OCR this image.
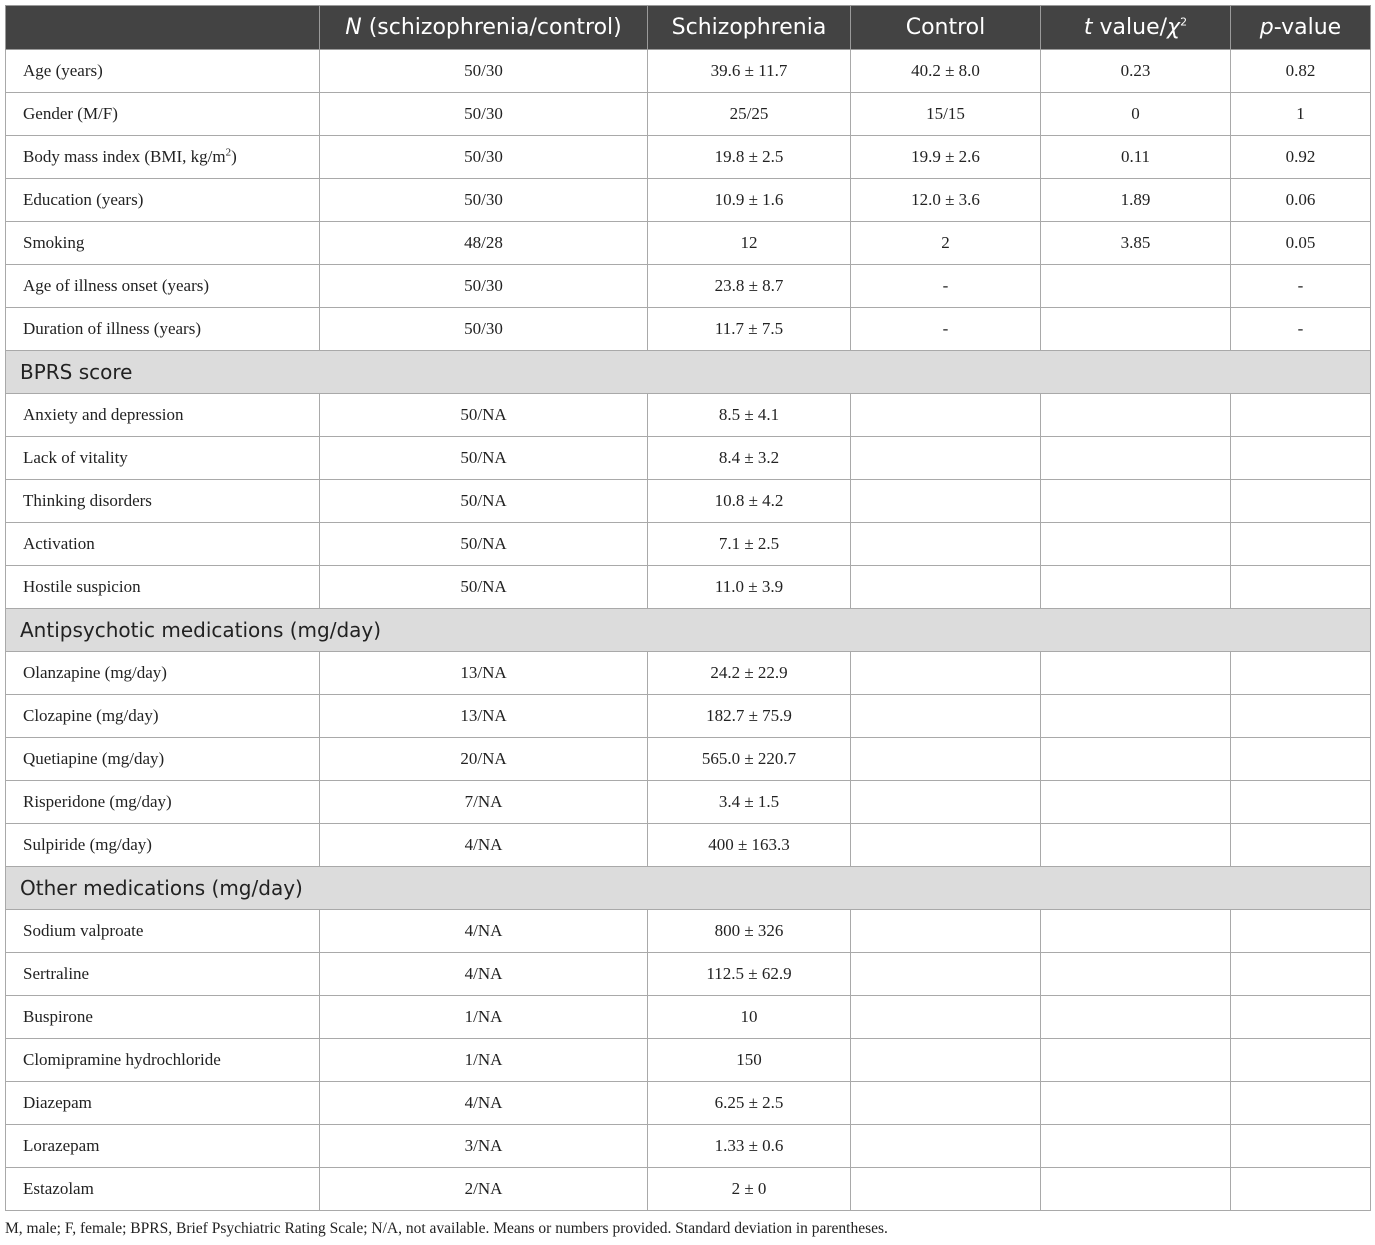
	N (schizophrenia/control)	Schizophrenia	Control	t value/$\chi^2$	p-value
Age (years)	50/30	39.6 ± 11.7	40.2 ± 8.0	0.23	0.82
Gender (M/F)	50/30	25/25	15/15	0	1
Body mass index (BMI, $kg/m^2$)	50/30	19.8 ± 2.5	19.9 ± 2.6	0.11	0.92
Education (years)	50/30	10.9 ± 1.6	12.0 ± 3.6	1.89	0.06
Smoking	48/28	12	2	3.85	0.05
Age of illness onset (years)	50/30	23.8 ± 8.7	-		-
Duration of illness (years)	50/30	11.7 ± 7.5	-		-
BPRS score					
Anxiety and depression	50/NA	8.5 ± 4.1			
Lack of vitality	50/NA	8.4 ± 3.2			
Thinking disorders	50/NA	10.8 ± 4.2			
Activation	50/NA	7.1 ± 2.5			
Hostile suspicion	50/NA	11.0 ± 3.9			
Antipsychotic medications (mg/day)					
Olanzapine (mg/day)	13/NA	24.2 ± 22.9			
Clozapine (mg/day)	13/NA	182.7 ± 75.9			
Quetiapine (mg/day)	20/NA	565.0 ± 220.7			
Risperidone (mg/day)	7/NA	3.4 ± 1.5			
Sulpiride (mg/day)	4/NA	400 ± 163.3			
Other medications (mg/day)					
Sodium valproate	4/NA	800 ± 326			
Sertraline	4/NA	112.5 ± 62.9			
Buspirone	1/NA	10			
Clomipramine hydrochloride	1/NA	150			
Diazepam	4/NA	6.25 ± 2.5			
Lorazepam	3/NA	1.33 ± 0.6			
Estazolam	2/NA	2 ± 0			
M, male; F, female; BPRS, Brief Psychiatric Rating Scale; N/A, not available. Means or numbers provided. Standard deviation in parentheses.
